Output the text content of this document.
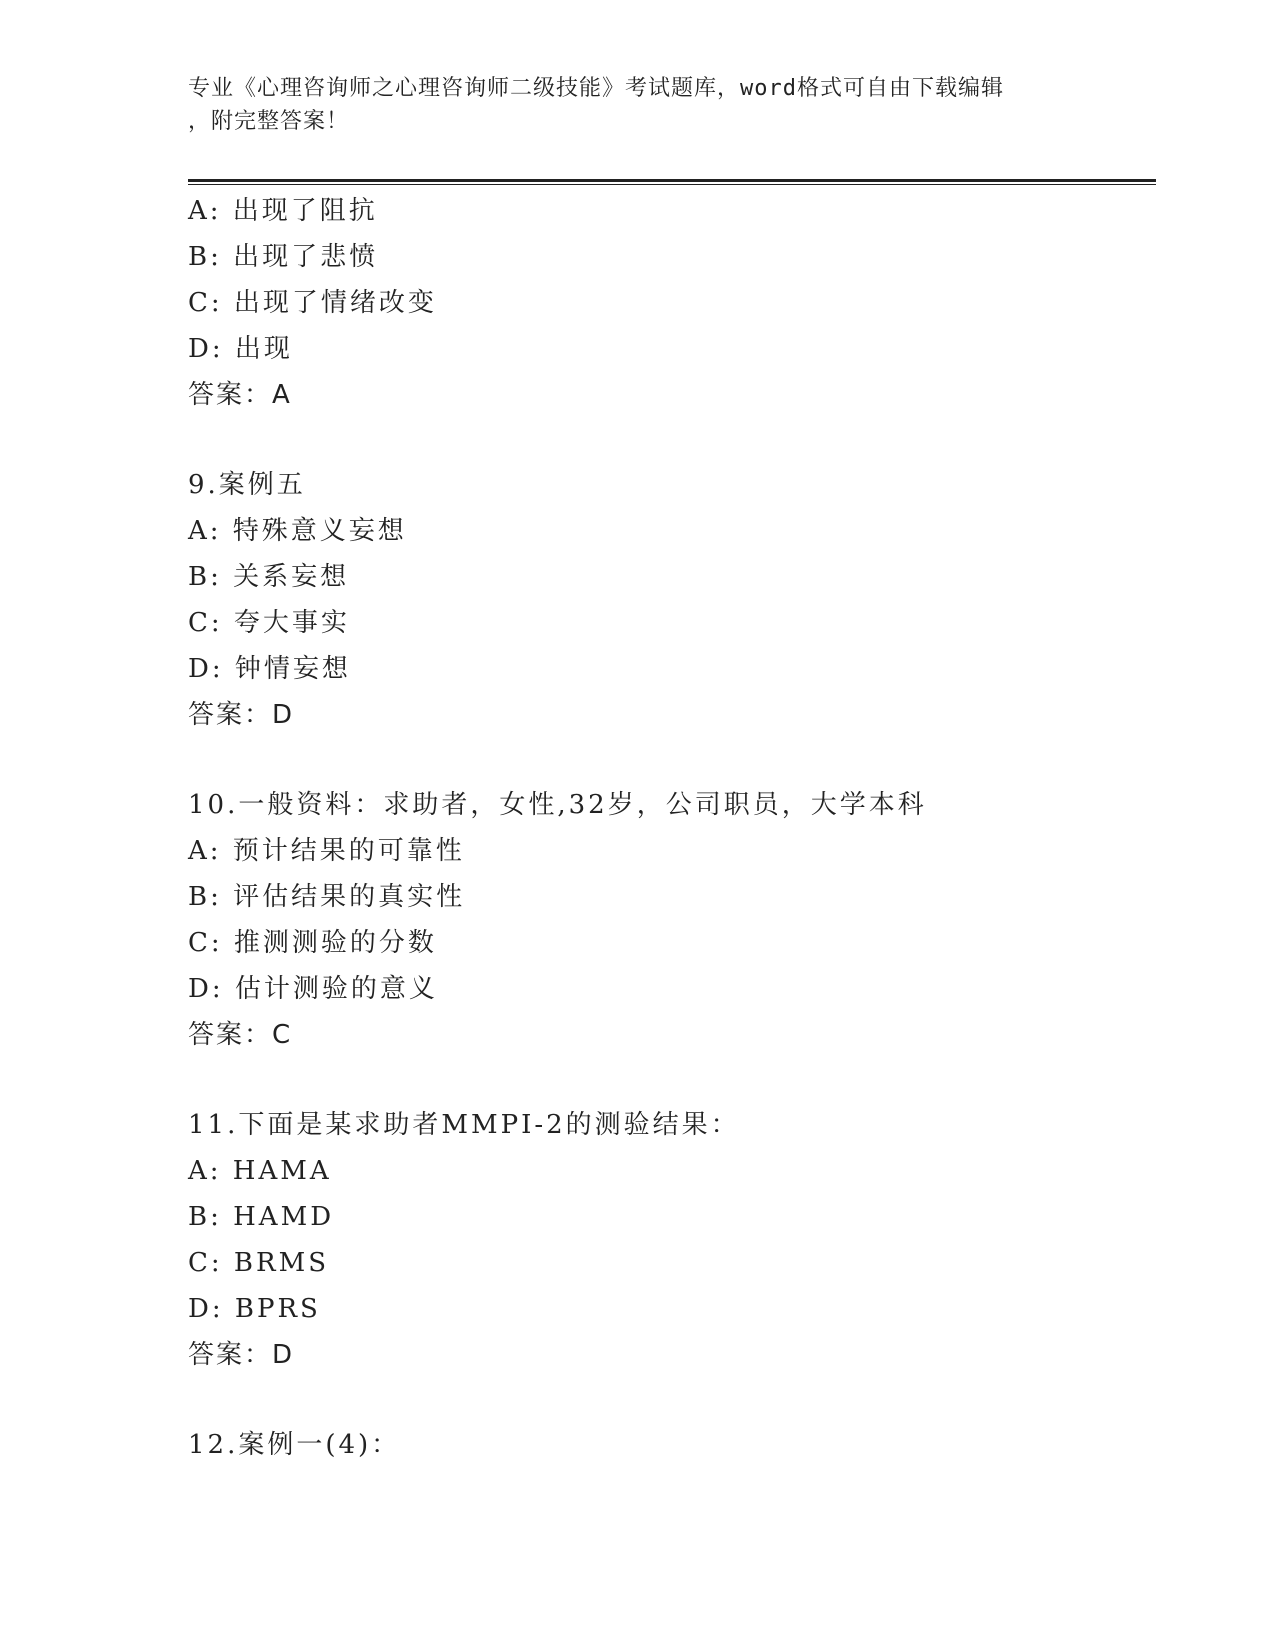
专业《心理咨询师之心理咨询师二级技能》考试题库，word格式可自由下载编辑
，附完整答案！
A: 出现了阻抗
B: 出现了悲愤
C: 出现了情绪改变
D: 出现
答案：A
9.案例五
A: 特殊意义妄想
B: 关系妄想
C: 夸大事实
D: 钟情妄想
答案：D
10.一般资料：求助者，女性,32岁，公司职员，大学本科
A: 预计结果的可靠性
B: 评估结果的真实性
C: 推测测验的分数
D: 估计测验的意义
答案：C
11.下面是某求助者MMPI-2的测验结果：
A: HAMA
B: HAMD
C: BRMS
D: BPRS
答案：D
12.案例一(4)：
